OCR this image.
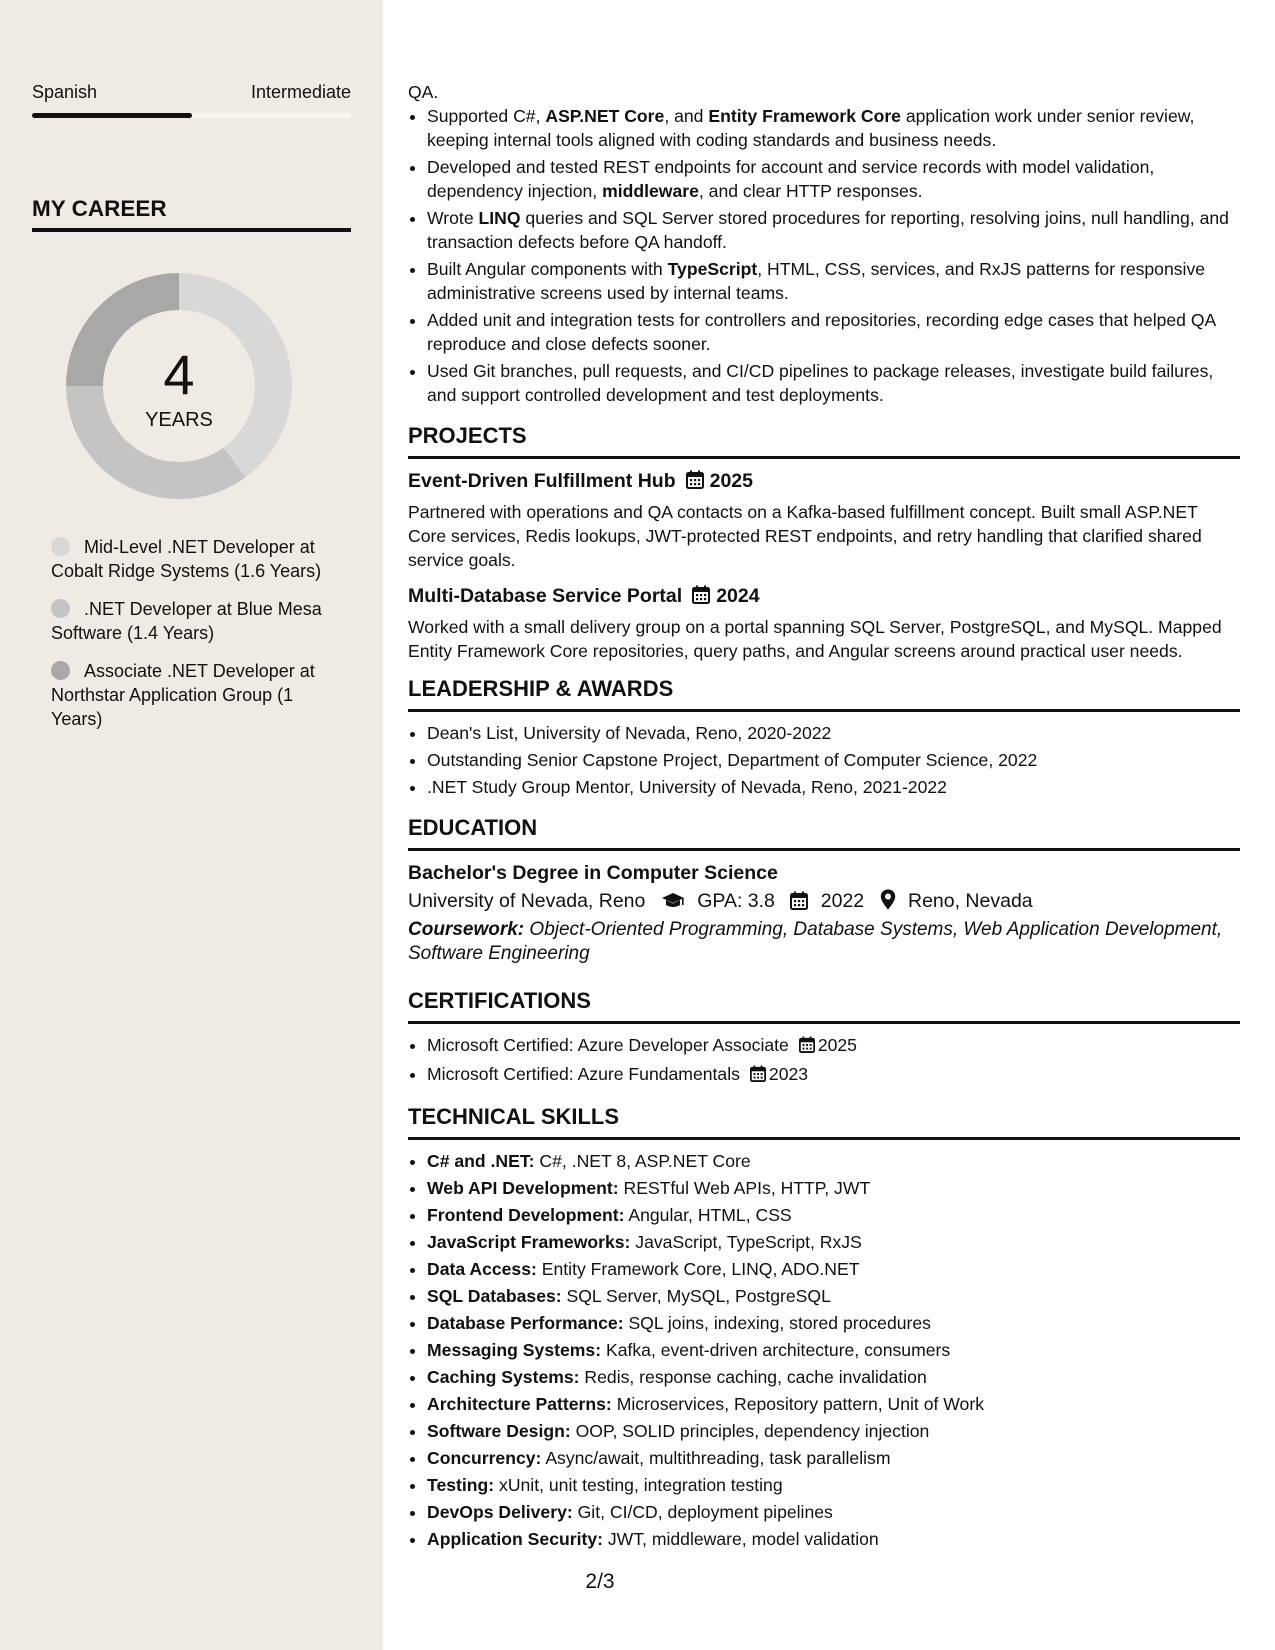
Spanish	Intermediate
MY CAREER
4
YEARS
Mid-Level .NET Developer at Cobalt Ridge Systems (1.6 Years)
.NET Developer at Blue Mesa Software (1.4 Years)
Associate .NET Developer at Northstar Application Group (1 Years)
QA.
• Supported C#, ASP.NET Core, and Entity Framework Core application work under senior review, keeping internal tools aligned with coding standards and business needs.
• Developed and tested REST endpoints for account and service records with model validation, dependency injection, middleware, and clear HTTP responses.
• Wrote LINQ queries and SQL Server stored procedures for reporting, resolving joins, null handling, and transaction defects before QA handoff.
• Built Angular components with TypeScript, HTML, CSS, services, and RxJS patterns for responsive administrative screens used by internal teams.
• Added unit and integration tests for controllers and repositories, recording edge cases that helped QA reproduce and close defects sooner.
• Used Git branches, pull requests, and CI/CD pipelines to package releases, investigate build failures, and support controlled development and test deployments.
PROJECTS
Event-Driven Fulfillment Hub 2025
Partnered with operations and QA contacts on a Kafka-based fulfillment concept. Built small ASP.NET Core services, Redis lookups, JWT-protected REST endpoints, and retry handling that clarified shared service goals.
Multi-Database Service Portal 2024
Worked with a small delivery group on a portal spanning SQL Server, PostgreSQL, and MySQL. Mapped Entity Framework Core repositories, query paths, and Angular screens around practical user needs.
LEADERSHIP & AWARDS
• Dean's List, University of Nevada, Reno, 2020-2022
• Outstanding Senior Capstone Project, Department of Computer Science, 2022
• .NET Study Group Mentor, University of Nevada, Reno, 2021-2022
EDUCATION
Bachelor's Degree in Computer Science
University of Nevada, Reno	GPA: 3.8 2022 Reno, Nevada
Coursework: Object-Oriented Programming, Database Systems, Web Application Development, Software Engineering
CERTIFICATIONS
• Microsoft Certified: Azure Developer Associate 2025
• Microsoft Certified: Azure Fundamentals 2023
TECHNICAL SKILLS
• C# and .NET: C#, .NET 8, ASP.NET Core
• Web API Development: RESTful Web APIs, HTTP, JWT
• Frontend Development: Angular, HTML, CSS
• JavaScript Frameworks: JavaScript, TypeScript, RxJS
• Data Access: Entity Framework Core, LINQ, ADO.NET
• SQL Databases: SQL Server, MySQL, PostgreSQL
• Database Performance: SQL joins, indexing, stored procedures
• Messaging Systems: Kafka, event-driven architecture, consumers
• Caching Systems: Redis, response caching, cache invalidation
• Architecture Patterns: Microservices, Repository pattern, Unit of Work
• Software Design: OOP, SOLID principles, dependency injection
• Concurrency: Async/await, multithreading, task parallelism
• Testing: xUnit, unit testing, integration testing
• DevOps Delivery: Git, CI/CD, deployment pipelines
• Application Security: JWT, middleware, model validation
2/3
